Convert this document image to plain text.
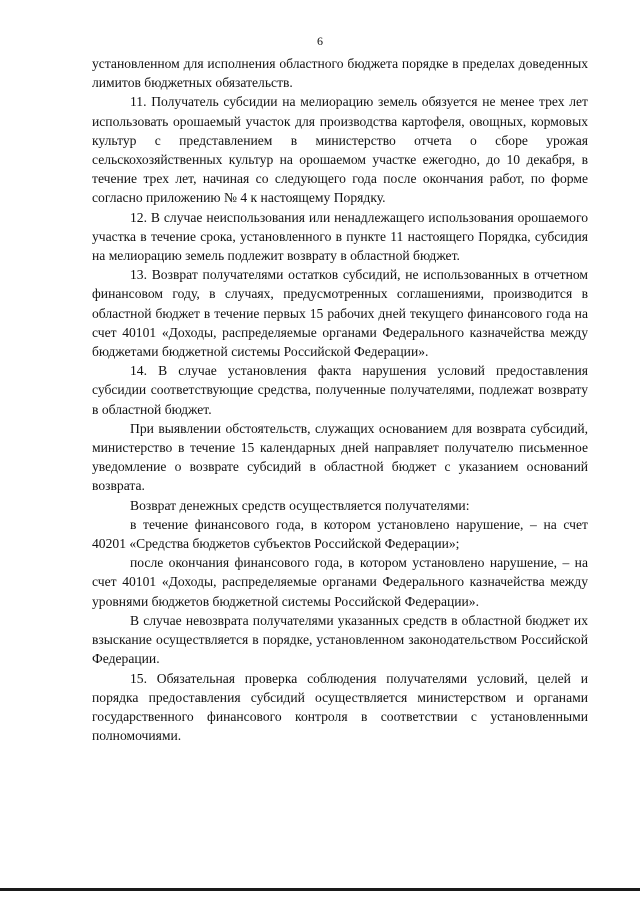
6

установленном для исполнения областного бюджета порядке в пределах доведенных лимитов бюджетных обязательств.

11. Получатель субсидии на мелиорацию земель обязуется не менее трех лет использовать орошаемый участок для производства картофеля, овощных, кормовых культур с представлением в министерство отчета о сборе урожая сельскохозяйственных культур на орошаемом участке ежегодно, до 10 декабря, в течение трех лет, начиная со следующего года после окончания работ, по форме согласно приложению № 4 к настоящему Порядку.

12. В случае неиспользования или ненадлежащего использования орошаемого участка в течение срока, установленного в пункте 11 настоящего Порядка, субсидия на мелиорацию земель подлежит возврату в областной бюджет.

13. Возврат получателями остатков субсидий, не использованных в отчетном финансовом году, в случаях, предусмотренных соглашениями, производится в областной бюджет в течение первых 15 рабочих дней текущего финансового года на счет 40101 «Доходы, распределяемые органами Федерального казначейства между бюджетами бюджетной системы Российской Федерации».

14. В случае установления факта нарушения условий предоставления субсидии соответствующие средства, полученные получателями, подлежат возврату в областной бюджет.

При выявлении обстоятельств, служащих основанием для возврата субсидий, министерство в течение 15 календарных дней направляет получателю письменное уведомление о возврате субсидий в областной бюджет с указанием оснований возврата.

Возврат денежных средств осуществляется получателями:

в течение финансового года, в котором установлено нарушение, – на счет 40201 «Средства бюджетов субъектов Российской Федерации»;

после окончания финансового года, в котором установлено нарушение, – на счет 40101 «Доходы, распределяемые органами Федерального казначейства между уровнями бюджетов бюджетной системы Российской Федерации».

В случае невозврата получателями указанных средств в областной бюджет их взыскание осуществляется в порядке, установленном законодательством Российской Федерации.

15. Обязательная проверка соблюдения получателями условий, целей и порядка предоставления субсидий осуществляется министерством и органами государственного финансового контроля в соответствии с установленными полномочиями.
